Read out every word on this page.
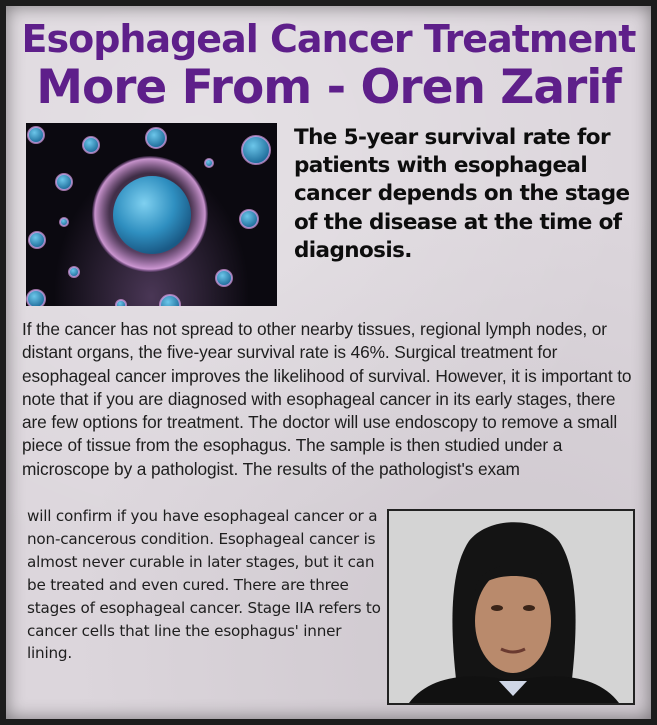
Esophageal Cancer Treatment
More From - Oren Zarif
The 5-year survival rate for patients with esophageal cancer depends on the stage of the disease at the time of diagnosis.
If the cancer has not spread to other nearby tissues, regional lymph nodes, or distant organs, the five-year survival rate is 46%. Surgical treatment for esophageal cancer improves the likelihood of survival. However, it is important to note that if you are diagnosed with esophageal cancer in its early stages, there are few options for treatment. The doctor will use endoscopy to remove a small piece of tissue from the esophagus. The sample is then studied under a microscope by a pathologist. The results of the pathologist's exam
will confirm if you have esophageal cancer or a non-cancerous condition. Esophageal cancer is almost never curable in later stages, but it can be treated and even cured. There are three stages of esophageal cancer. Stage IIA refers to cancer cells that line the esophagus' inner lining.
